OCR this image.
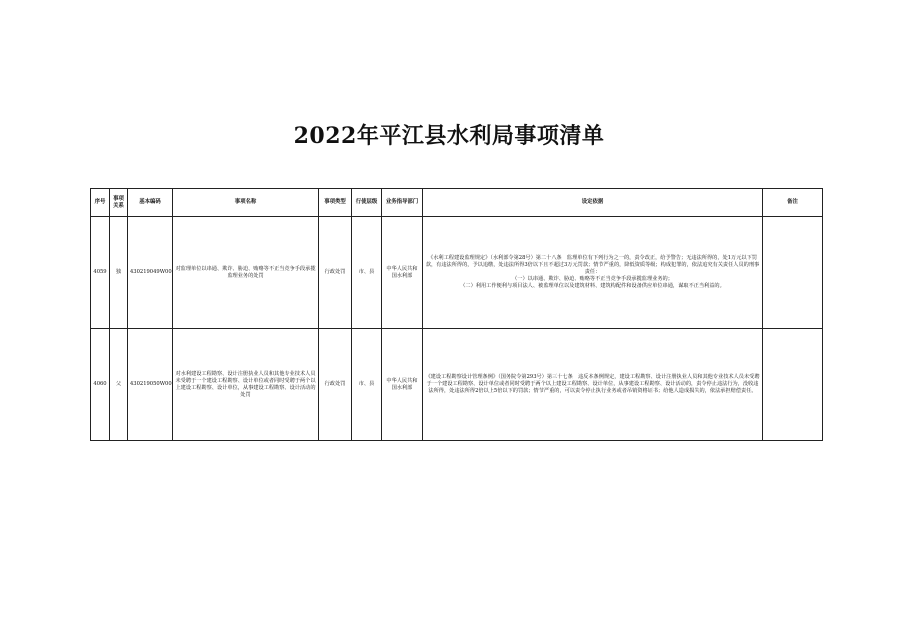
2022年平江县水利局事项清单
序号	事项关系	基本编码	事项名称	事项类型	行使层级	业务指导部门	设定依据	备注
4059	独	430219049W00	对监理单位以串通、欺诈、胁迫、贿赂等不正当竞争手段承揽监理业务的处罚	行政处罚	市、县	中华人民共和国水利部	《水利工程建设监理规定》（水利部令第28号）第二十八条　监理单位有下列行为之一的，责令改正，给予警告；无违法所得的，处1万元以下罚款，有违法所得的，予以追缴，处违法所得3倍以下且不超过3万元罚款；情节严重的，降低资质等级；构成犯罪的，依法追究有关责任人员的刑事责任：
（一）以串通、欺诈、胁迫、贿赂等不正当竞争手段承揽监理业务的；
（二）利用工作便利与项目法人、被监理单位以及建筑材料、建筑构配件和设备供应单位串通，谋取不正当利益的。	

4060	父	430219050W00	对水利建设工程勘察、设计注册执业人员和其他专业技术人员未受聘于一个建设工程勘察、设计单位或者同时受聘于两个以上建设工程勘察、设计单位，从事建设工程勘察、设计活动的处罚	行政处罚	市、县	中华人民共和国水利部	《建设工程勘察设计管理条例》（国务院令第293号）第三十七条　违反本条例规定，建设工程勘察、设计注册执业人员和其他专业技术人员未受聘于一个建设工程勘察、设计单位或者同时受聘于两个以上建设工程勘察、设计单位，从事建设工程勘察、设计活动的，责令停止违法行为，没收违法所得，处违法所得2倍以上5倍以下的罚款；情节严重的，可以责令停止执行业务或者吊销资格证书；给他人造成损失的，依法承担赔偿责任。	
